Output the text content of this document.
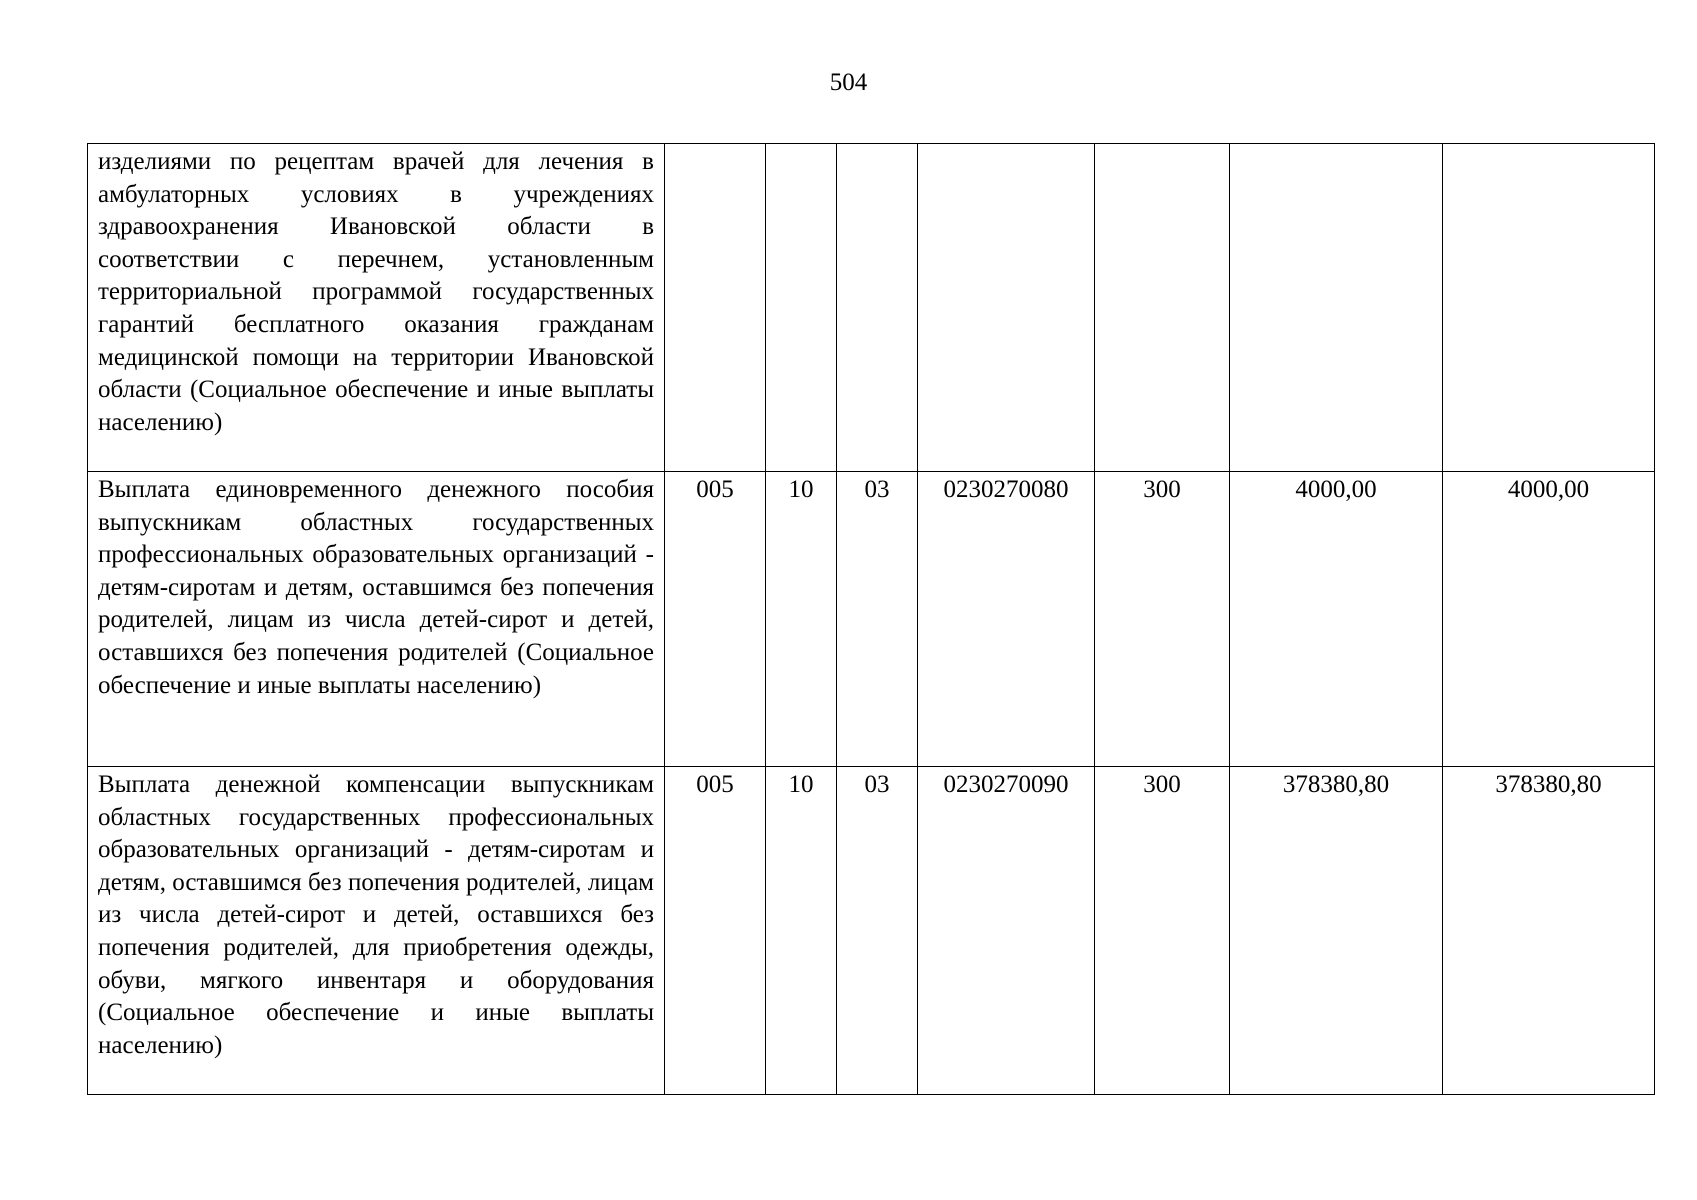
504
изделиями по рецептам врачей для лечения в амбулаторных условиях в учреждениях здравоохранения Ивановской области в соответствии с перечнем, установленным территориальной программой государственных гарантий бесплатного оказания гражданам медицинской помощи на территории Ивановской области (Социальное обеспечение и иные выплаты населению)							
Выплата единовременного денежного пособия выпускникам областных государственных профессиональных образовательных организаций - детям-сиротам и детям, оставшимся без попечения родителей, лицам из числа детей-сирот и детей, оставшихся без попечения родителей (Социальное обеспечение и иные выплаты населению)	005	10	03	0230270080	300	4000,00	4000,00
Выплата денежной компенсации выпускникам областных государственных профессиональных образовательных организаций - детям-сиротам и детям, оставшимся без попечения родителей, лицам из числа детей-сирот и детей, оставшихся без попечения родителей, для приобретения одежды, обуви, мягкого инвентаря и оборудования (Социальное обеспечение и иные выплаты населению)	005	10	03	0230270090	300	378380,80	378380,80
